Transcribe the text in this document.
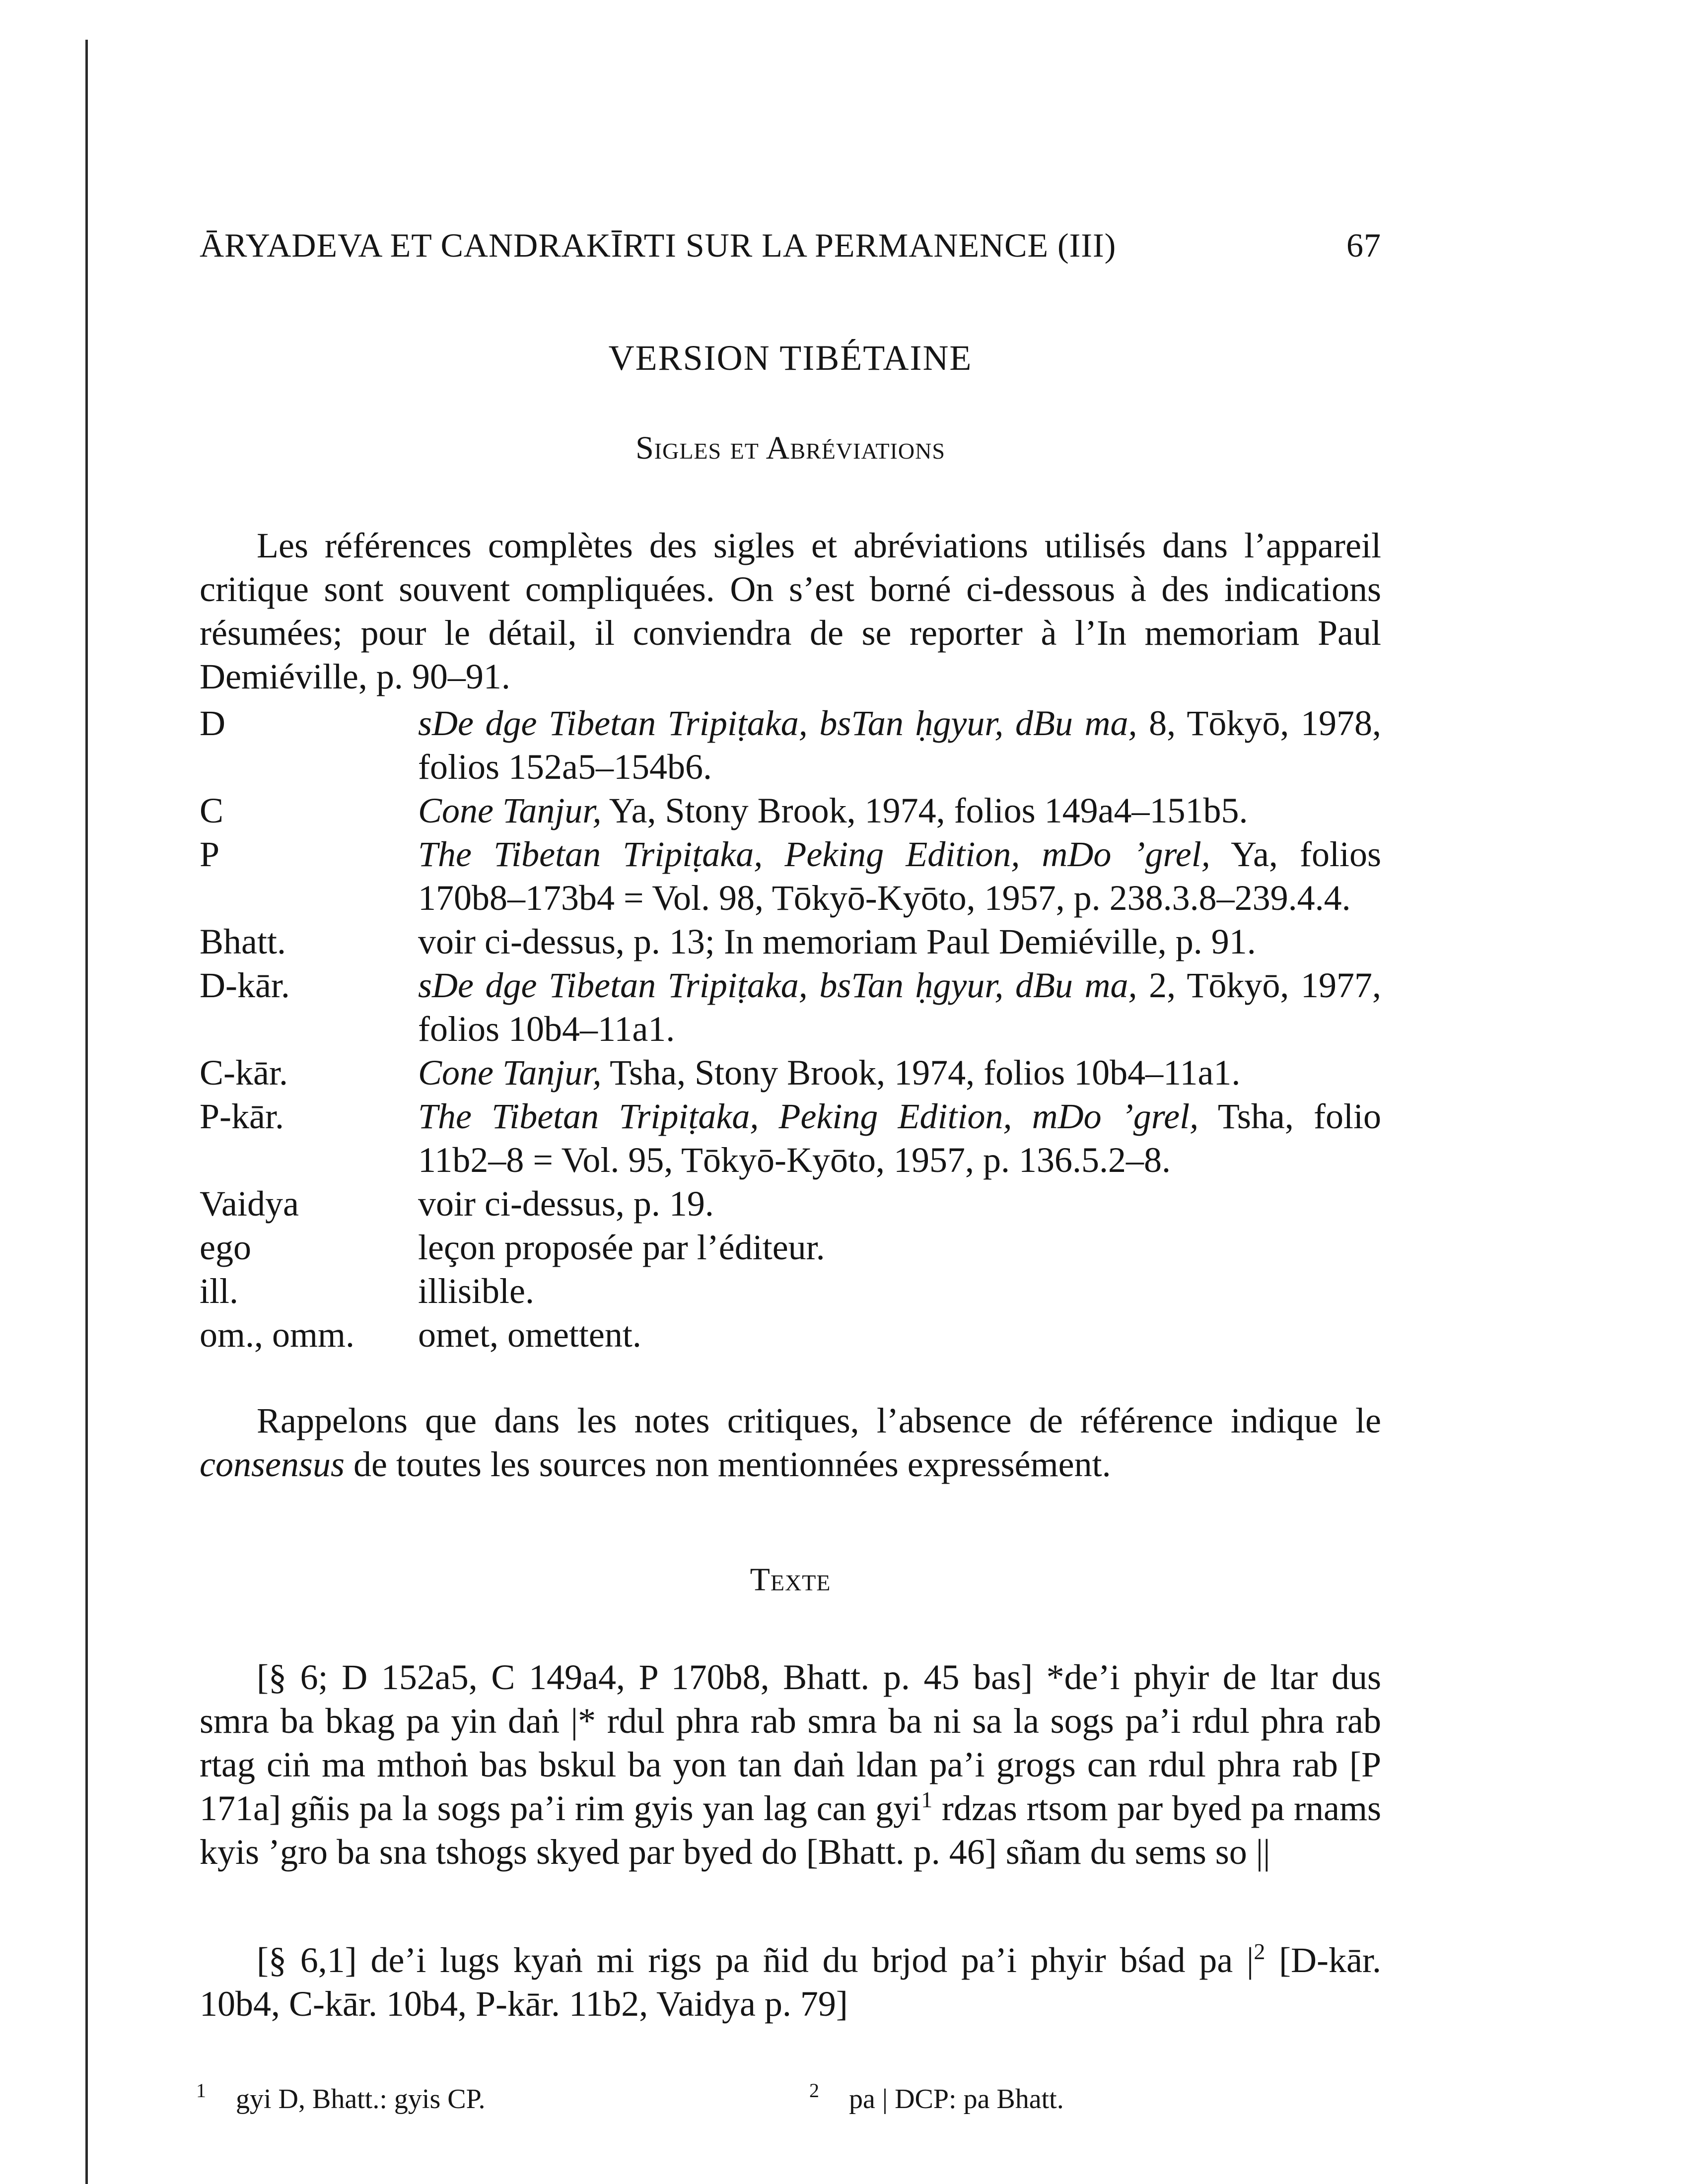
ĀRYADEVA ET CANDRAKĪRTI SUR LA PERMANENCE (III)	67
VERSION TIBÉTAINE
Sigles et Abréviations

Les références complètes des sigles et abréviations utilisés dans l’appareil critique sont souvent compliquées. On s’est borné ci-dessous à des indications résumées; pour le détail, il conviendra de se reporter à l’In memoriam Paul Demiéville, p. 90–91.

D	sDe dge Tibetan Tripiṭaka, bsTan ḥgyur, dBu ma, 8, Tōkyō, 1978, folios 152a5–154b6.
C	Cone Tanjur, Ya, Stony Brook, 1974, folios 149a4–151b5.
P	The Tibetan Tripiṭaka, Peking Edition, mDo ’grel, Ya, folios 170b8–173b4 = Vol. 98, Tōkyō-Kyōto, 1957, p. 238.3.8–239.4.4.
Bhatt.	voir ci-dessus, p. 13; In memoriam Paul Demiéville, p. 91.
D-kār.	sDe dge Tibetan Tripiṭaka, bsTan ḥgyur, dBu ma, 2, Tōkyō, 1977, folios 10b4–11a1.
C-kār.	Cone Tanjur, Tsha, Stony Brook, 1974, folios 10b4–11a1.
P-kār.	The Tibetan Tripiṭaka, Peking Edition, mDo ’grel, Tsha, folio 11b2–8 = Vol. 95, Tōkyō-Kyōto, 1957, p. 136.5.2–8.
Vaidya	voir ci-dessus, p. 19.
ego	leçon proposée par l’éditeur.
ill.	illisible.
om., omm.	omet, omettent.

Rappelons que dans les notes critiques, l’absence de référence indique le consensus de toutes les sources non mentionnées expressément.

Texte

[§ 6; D 152a5, C 149a4, P 170b8, Bhatt. p. 45 bas] *de’i phyir de ltar dus smra ba bkag pa yin daṅ |* rdul phra rab smra ba ni sa la sogs pa’i rdul phra rab rtag ciṅ ma mthoṅ bas bskul ba yon tan daṅ ldan pa’i grogs can rdul phra rab [P 171a] gñis pa la sogs pa’i rim gyis yan lag can gyi$^1$ rdzas rtsom par byed pa rnams kyis ’gro ba sna tshogs skyed par byed do [Bhatt. p. 46] sñam du sems so ||

[§ 6,1] de’i lugs kyaṅ mi rigs pa ñid du brjod pa’i phyir bśad pa $|^2$ [D-kār. 10b4, C-kār. 10b4, P-kār. 11b2, Vaidya p. 79]

$^1$ gyi D, Bhatt.: gyis CP.	$^2$ pa | DCP: pa Bhatt.
